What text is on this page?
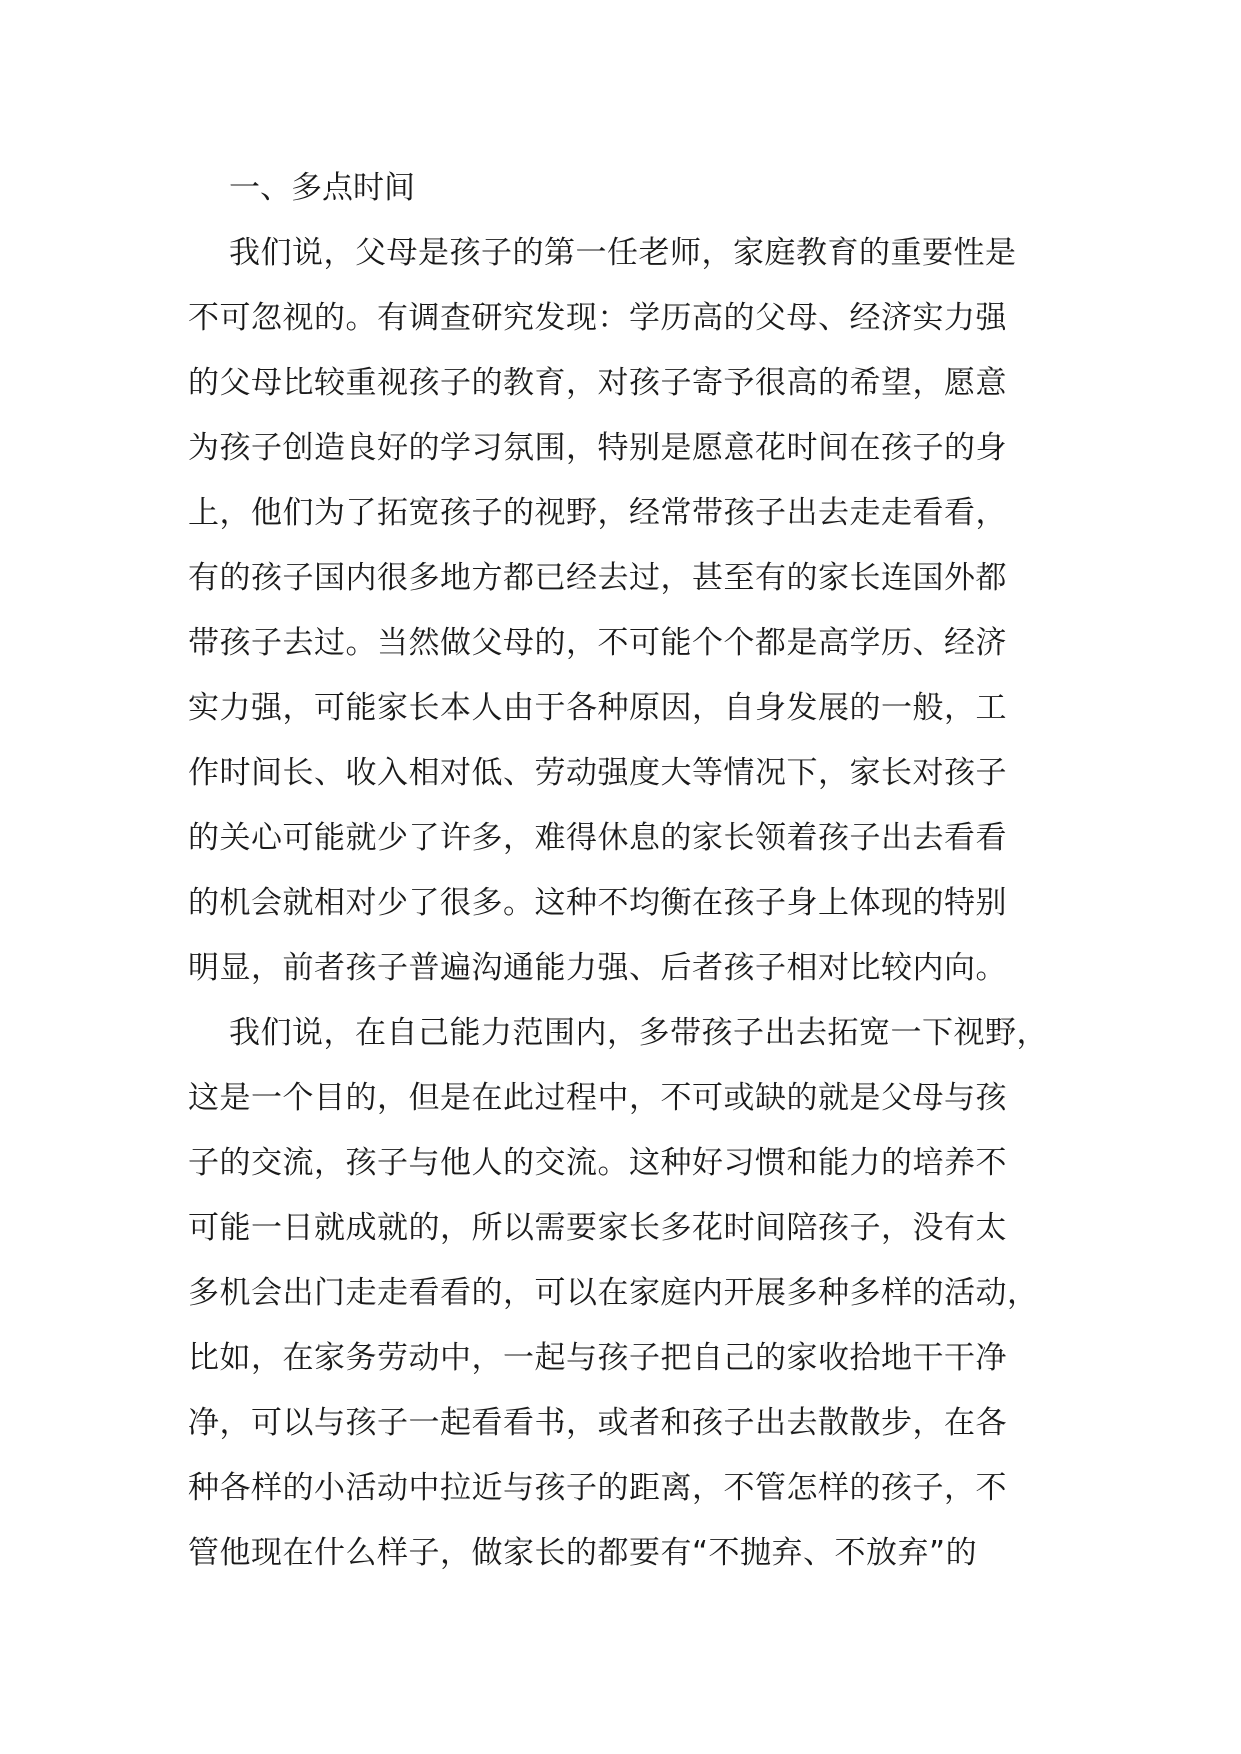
一、多点时间
我们说，父母是孩子的第一任老师，家庭教育的重要性是
不可忽视的。有调查研究发现：学历高的父母、经济实力强
的父母比较重视孩子的教育，对孩子寄予很高的希望，愿意
为孩子创造良好的学习氛围，特别是愿意花时间在孩子的身
上，他们为了拓宽孩子的视野，经常带孩子出去走走看看，
有的孩子国内很多地方都已经去过，甚至有的家长连国外都
带孩子去过。当然做父母的，不可能个个都是高学历、经济
实力强，可能家长本人由于各种原因，自身发展的一般，工
作时间长、收入相对低、劳动强度大等情况下，家长对孩子
的关心可能就少了许多，难得休息的家长领着孩子出去看看
的机会就相对少了很多。这种不均衡在孩子身上体现的特别
明显，前者孩子普遍沟通能力强、后者孩子相对比较内向。
我们说，在自己能力范围内，多带孩子出去拓宽一下视野，
这是一个目的，但是在此过程中，不可或缺的就是父母与孩
子的交流，孩子与他人的交流。这种好习惯和能力的培养不
可能一日就成就的，所以需要家长多花时间陪孩子，没有太
多机会出门走走看看的，可以在家庭内开展多种多样的活动，
比如，在家务劳动中，一起与孩子把自己的家收拾地干干净
净，可以与孩子一起看看书，或者和孩子出去散散步，在各
种各样的小活动中拉近与孩子的距离，不管怎样的孩子，不
管他现在什么样子，做家长的都要有“不抛弃、不放弃”的
